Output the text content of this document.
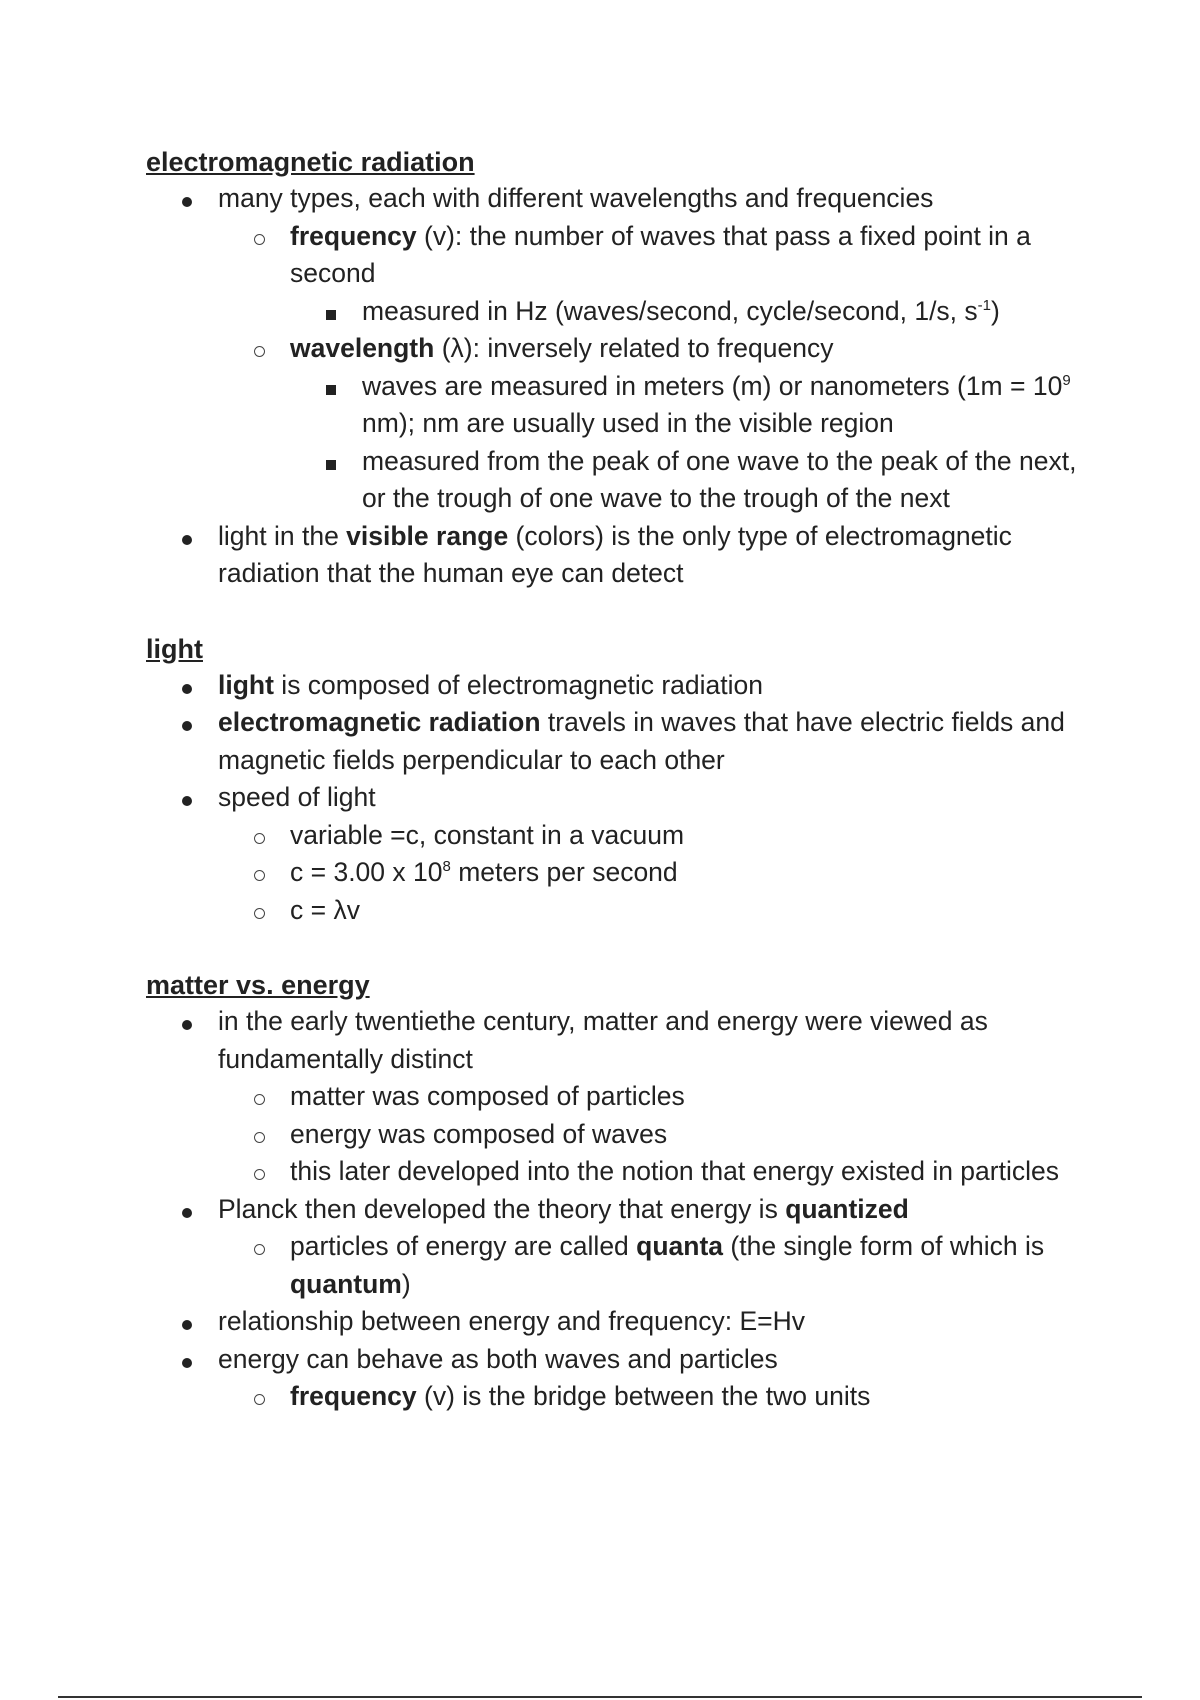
electromagnetic radiation
many types, each with different wavelengths and frequencies
frequency (v): the number of waves that pass a fixed point in a second
measured in Hz (waves/second, cycle/second, 1/s, $s^{-1}$)
wavelength (λ): inversely related to frequency
waves are measured in meters (m) or nanometers ($1m = 10^9$ nm); nm are usually used in the visible region
measured from the peak of one wave to the peak of the next, or the trough of one wave to the trough of the next
light in the visible range (colors) is the only type of electromagnetic radiation that the human eye can detect
light
light is composed of electromagnetic radiation
electromagnetic radiation travels in waves that have electric fields and magnetic fields perpendicular to each other
speed of light
variable =c, constant in a vacuum
c = 3.00 x $10^8$ meters per second
c = λv
matter vs. energy
in the early twentiethe century, matter and energy were viewed as fundamentally distinct
matter was composed of particles
energy was composed of waves
this later developed into the notion that energy existed in particles
Planck then developed the theory that energy is quantized
particles of energy are called quanta (the single form of which is quantum)
relationship between energy and frequency: E=Hv
energy can behave as both waves and particles
frequency (v) is the bridge between the two units
